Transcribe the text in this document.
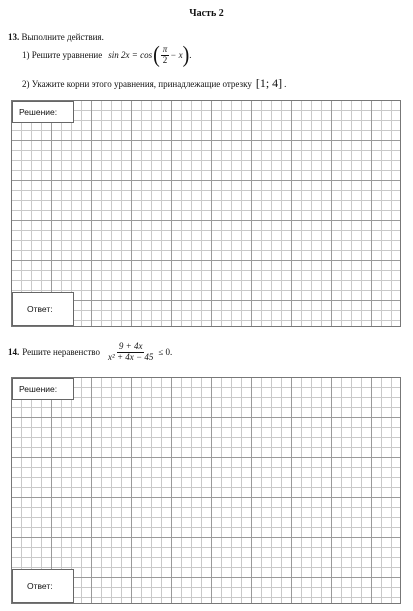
Часть 2
13. Выполните действия.
1) Решите уравнение sin 2x = cos ( $\frac{\pi}{2} - x$ ) .
2) Укажите корни этого уравнения, принадлежащие отрезку [1; 4] .
Решение:
Ответ:
14. Решите неравенство $\frac{9 + 4x}{\text{x² + 4x − 45}} \le 0$ .
Решение:
Ответ:
